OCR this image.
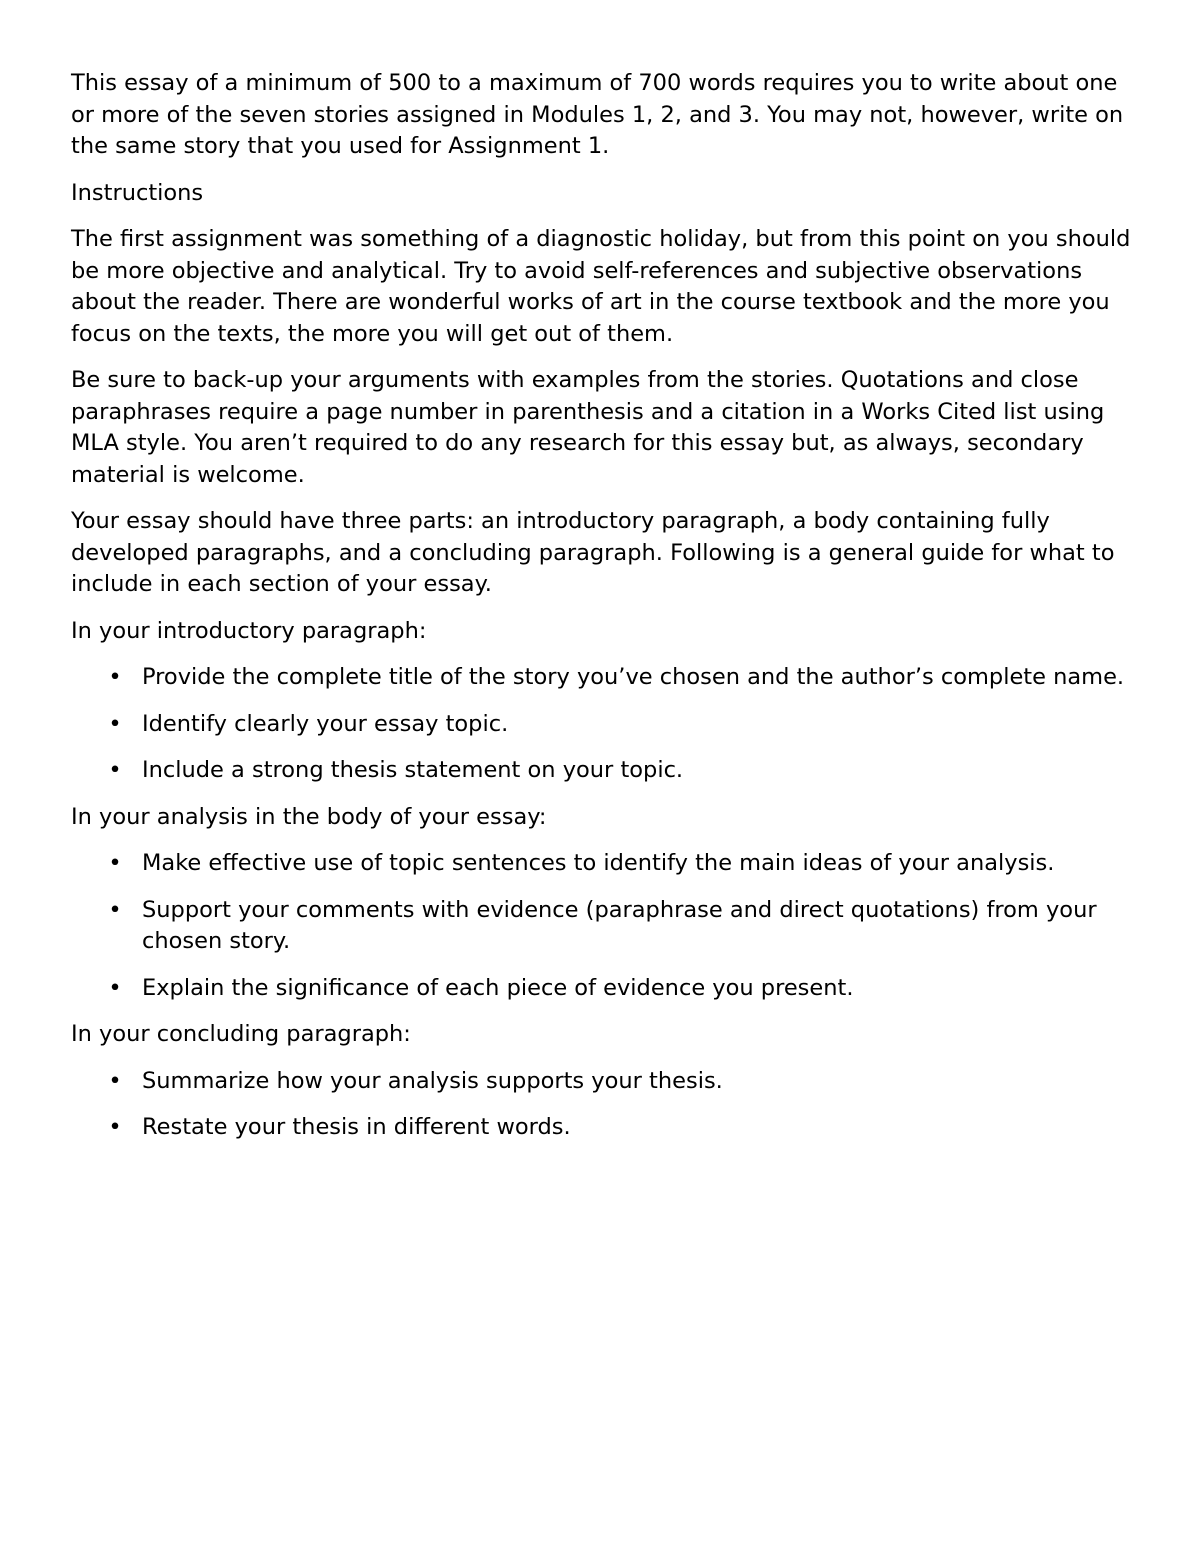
This essay of a minimum of 500 to a maximum of 700 words requires you to write about one or more of the seven stories assigned in Modules 1, 2, and 3. You may not, however, write on the same story that you used for Assignment 1.

Instructions

The first assignment was something of a diagnostic holiday, but from this point on you should be more objective and analytical. Try to avoid self-references and subjective observations about the reader. There are wonderful works of art in the course textbook and the more you focus on the texts, the more you will get out of them.

Be sure to back-up your arguments with examples from the stories. Quotations and close paraphrases require a page number in parenthesis and a citation in a Works Cited list using MLA style. You aren’t required to do any research for this essay but, as always, secondary material is welcome.

Your essay should have three parts: an introductory paragraph, a body containing fully developed paragraphs, and a concluding paragraph. Following is a general guide for what to include in each section of your essay.

In your introductory paragraph:

• Provide the complete title of the story you’ve chosen and the author’s complete name.
• Identify clearly your essay topic.
• Include a strong thesis statement on your topic.

In your analysis in the body of your essay:

• Make effective use of topic sentences to identify the main ideas of your analysis.
• Support your comments with evidence (paraphrase and direct quotations) from your chosen story.
• Explain the significance of each piece of evidence you present.

In your concluding paragraph:

• Summarize how your analysis supports your thesis.
• Restate your thesis in different words.
